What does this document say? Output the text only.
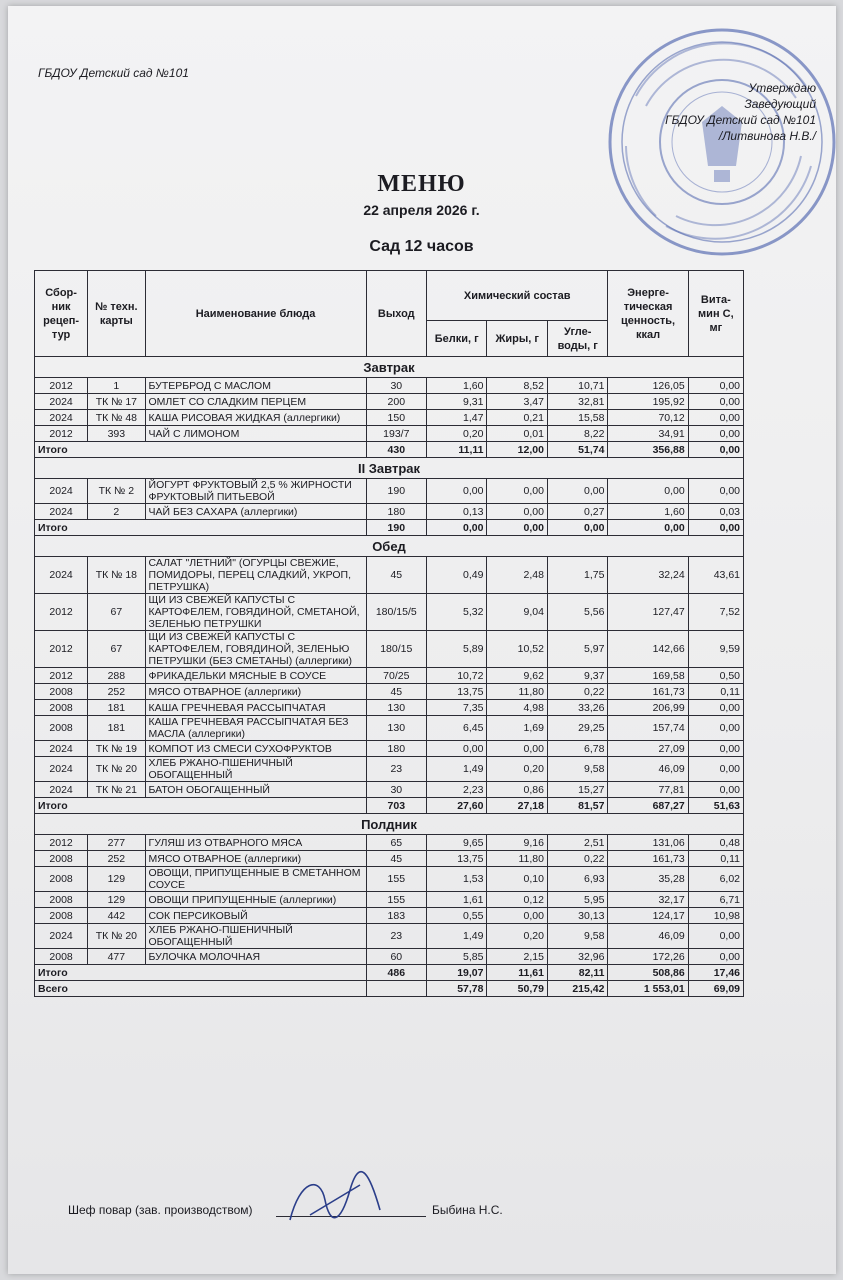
ГБДОУ Детский сад №101
Утверждаю
Заведующий
ГБДОУ Детский сад №101
/Литвинова Н.В./
МЕНЮ
22 апреля 2026 г.
Сад 12 часов
Сбор-ник рецеп-тур	№ техн. карты	Наименование блюда	Выход	Химический состав			Энерге-тическая ценность, ккал	Вита-мин С, мг
				Белки, г	Жиры, г	Угле-воды, г		
Завтрак								
2012	1	БУТЕРБРОД С МАСЛОМ	30	1,60	8,52	10,71	126,05	0,00
2024	ТК № 17	ОМЛЕТ СО СЛАДКИМ ПЕРЦЕМ	200	9,31	3,47	32,81	195,92	0,00
2024	ТК № 48	КАША РИСОВАЯ ЖИДКАЯ (аллергики)	150	1,47	0,21	15,58	70,12	0,00
2012	393	ЧАЙ С ЛИМОНОМ	193/7	0,20	0,01	8,22	34,91	0,00
Итого			430	11,11	12,00	51,74	356,88	0,00
II Завтрак								
2024	ТК № 2	ЙОГУРТ ФРУКТОВЫЙ 2,5 % ЖИРНОСТИ ФРУКТОВЫЙ ПИТЬЕВОЙ	190	0,00	0,00	0,00	0,00	0,00
2024	2	ЧАЙ БЕЗ САХАРА (аллергики)	180	0,13	0,00	0,27	1,60	0,03
Итого			190	0,00	0,00	0,00	0,00	0,00
Обед								
2024	ТК № 18	САЛАТ "ЛЕТНИЙ" (ОГУРЦЫ СВЕЖИЕ, ПОМИДОРЫ, ПЕРЕЦ СЛАДКИЙ, УКРОП, ПЕТРУШКА)	45	0,49	2,48	1,75	32,24	43,61
2012	67	ЩИ ИЗ СВЕЖЕЙ КАПУСТЫ С КАРТОФЕЛЕМ, ГОВЯДИНОЙ, СМЕТАНОЙ, ЗЕЛЕНЬЮ ПЕТРУШКИ	180/15/5	5,32	9,04	5,56	127,47	7,52
2012	67	ЩИ ИЗ СВЕЖЕЙ КАПУСТЫ С КАРТОФЕЛЕМ, ГОВЯДИНОЙ, ЗЕЛЕНЬЮ ПЕТРУШКИ (БЕЗ СМЕТАНЫ) (аллергики)	180/15	5,89	10,52	5,97	142,66	9,59
2012	288	ФРИКАДЕЛЬКИ МЯСНЫЕ В СОУСЕ	70/25	10,72	9,62	9,37	169,58	0,50
2008	252	МЯСО ОТВАРНОЕ (аллергики)	45	13,75	11,80	0,22	161,73	0,11
2008	181	КАША ГРЕЧНЕВАЯ РАССЫПЧАТАЯ	130	7,35	4,98	33,26	206,99	0,00
2008	181	КАША ГРЕЧНЕВАЯ РАССЫПЧАТАЯ БЕЗ МАСЛА (аллергики)	130	6,45	1,69	29,25	157,74	0,00
2024	ТК № 19	КОМПОТ ИЗ СМЕСИ СУХОФРУКТОВ	180	0,00	0,00	6,78	27,09	0,00
2024	ТК № 20	ХЛЕБ РЖАНО-ПШЕНИЧНЫЙ ОБОГАЩЕННЫЙ	23	1,49	0,20	9,58	46,09	0,00
2024	ТК № 21	БАТОН ОБОГАЩЕННЫЙ	30	2,23	0,86	15,27	77,81	0,00
Итого			703	27,60	27,18	81,57	687,27	51,63
Полдник								
2012	277	ГУЛЯШ ИЗ ОТВАРНОГО МЯСА	65	9,65	9,16	2,51	131,06	0,48
2008	252	МЯСО ОТВАРНОЕ (аллергики)	45	13,75	11,80	0,22	161,73	0,11
2008	129	ОВОЩИ, ПРИПУЩЕННЫЕ В СМЕТАННОМ СОУСЕ	155	1,53	0,10	6,93	35,28	6,02
2008	129	ОВОЩИ ПРИПУЩЕННЫЕ (аллергики)	155	1,61	0,12	5,95	32,17	6,71
2008	442	СОК ПЕРСИКОВЫЙ	183	0,55	0,00	30,13	124,17	10,98
2024	ТК № 20	ХЛЕБ РЖАНО-ПШЕНИЧНЫЙ ОБОГАЩЕННЫЙ	23	1,49	0,20	9,58	46,09	0,00
2008	477	БУЛОЧКА МОЛОЧНАЯ	60	5,85	2,15	32,96	172,26	0,00
Итого			486	19,07	11,61	82,11	508,86	17,46
Всего				57,78	50,79	215,42	1 553,01	69,09
Шеф повар (зав. производством)	Быбина Н.С.
